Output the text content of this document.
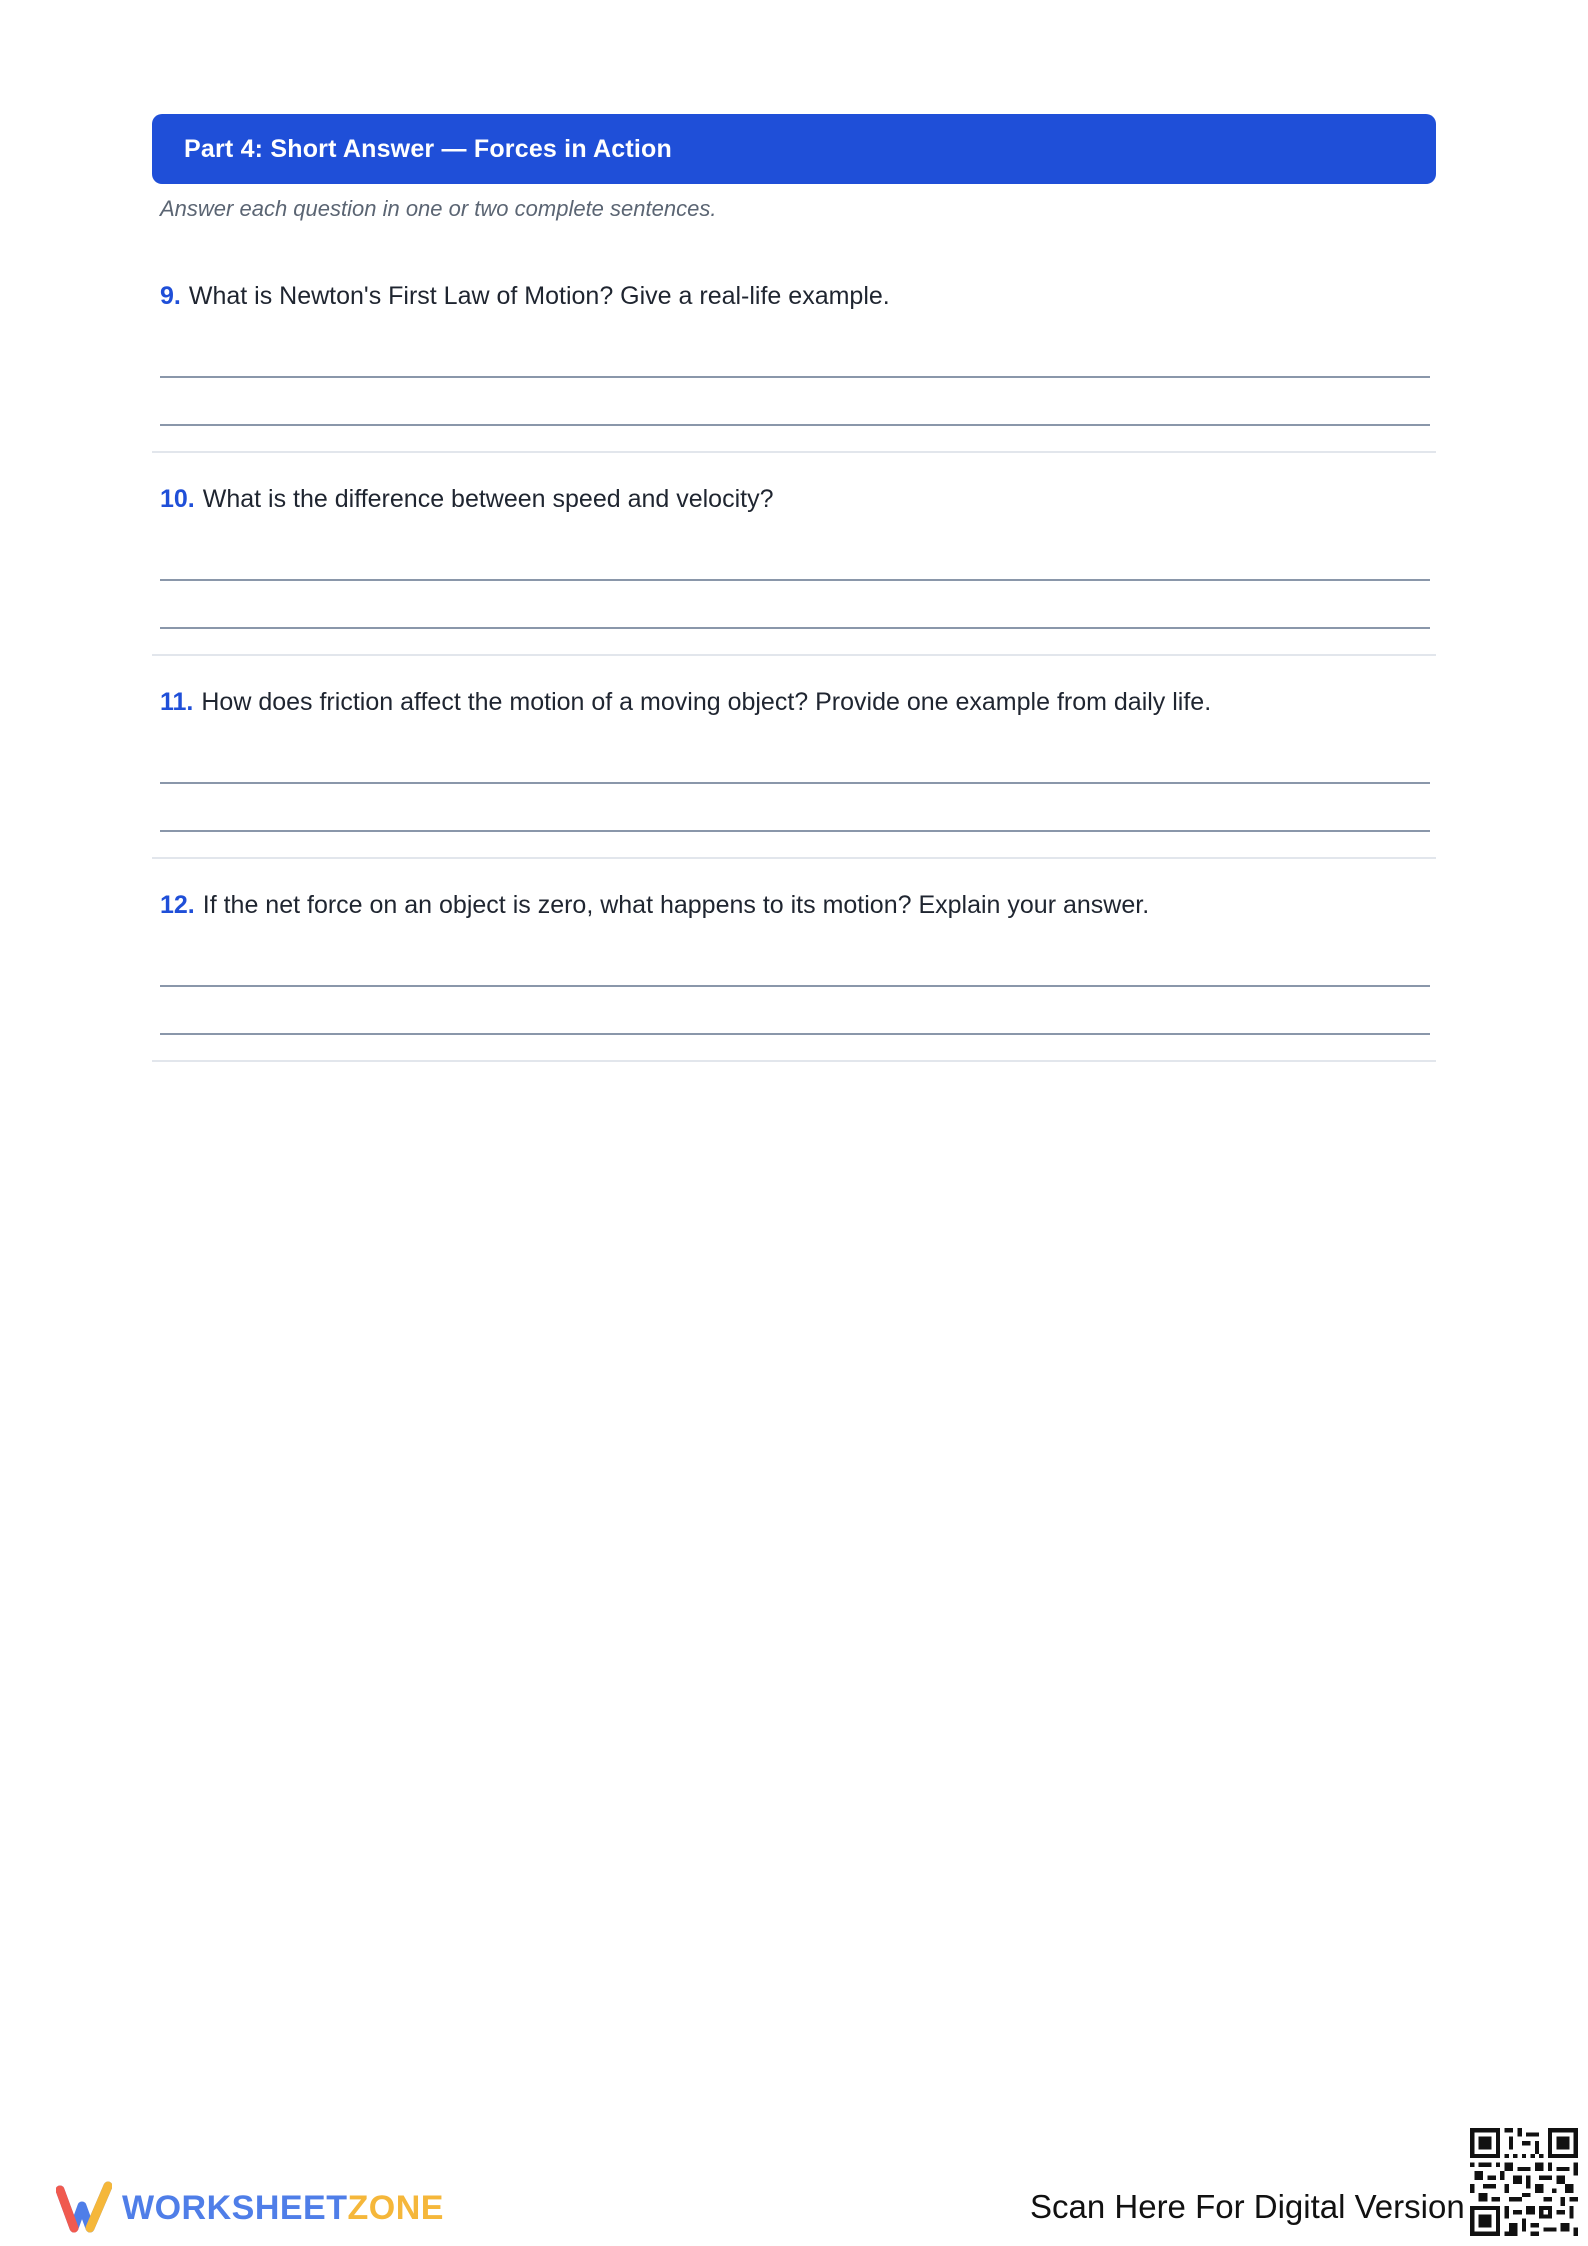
Part 4: Short Answer — Forces in Action
Answer each question in one or two complete sentences.
9. What is Newton's First Law of Motion? Give a real-life example.
10. What is the difference between speed and velocity?
11. How does friction affect the motion of a moving object? Provide one example from daily life.
12. If the net force on an object is zero, what happens to its motion? Explain your answer.
WORKSHEETZONE	Scan Here For Digital Version
